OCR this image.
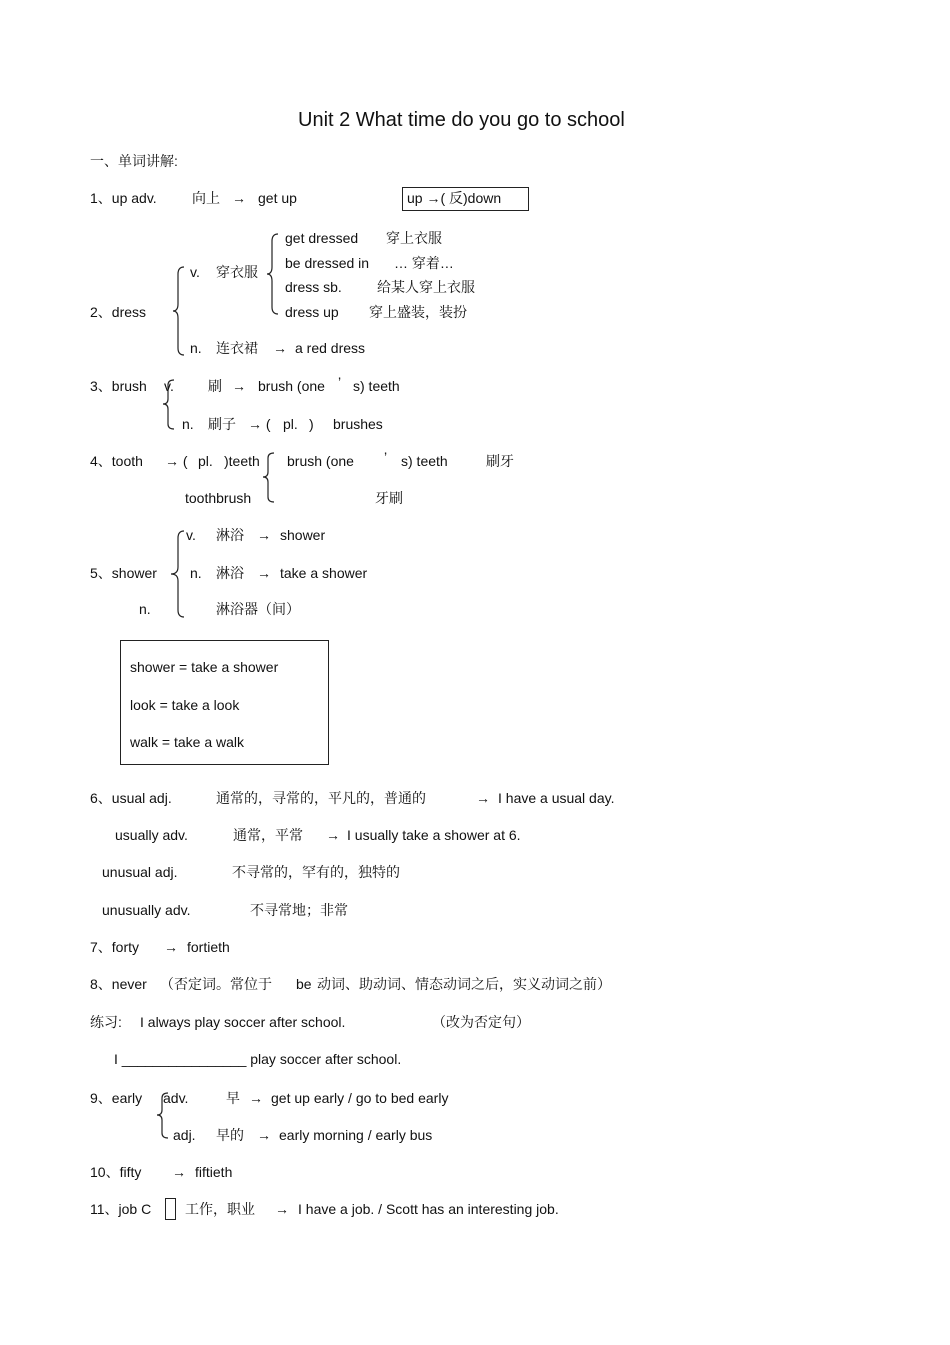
Unit 2 What time do you go to school
一、单词讲解:
1、up adv.	向上 → get up	up →( 反)down
2、dress
v. 穿衣服
get dressed 穿上衣服
be dressed in … 穿着…
dress sb.	给某人穿上衣服
dress up 穿上盛装，装扮
n. 连衣裙 → a red dress
3、brush v. 刷 → brush (one ’ s) teeth
n. 刷子 → ( pl. ) brushes
4、tooth → ( pl. )teeth brush (one ’ s) teeth	刷牙
toothbrush	牙刷
v. 淋浴 → shower
5、shower n. 淋浴 → take a shower
n.	淋浴器（间）
shower = take a shower
look = take a look
walk = take a walk
6、usual adj.	通常的，寻常的，平凡的，普通的	→ I have a usual day.
usually adv.	通常，平常 → I usually take a shower at 6.
unusual adj.	不寻常的，罕有的，独特的
unusually adv.	不寻常地；非常
7、forty → fortieth
8、never （否定词。常位于 be 动词、助动词、情态动词之后，实义动词之前）
练习: I always play soccer after school.	（改为否定句）
I ________________ play soccer after school.
9、early adv.	早 → get up early / go to bed early
adj. 早的 → early morning / early bus
10、fifty → fiftieth
11、job C 工作，职业 → I have a job. / Scott has an interesting job.
